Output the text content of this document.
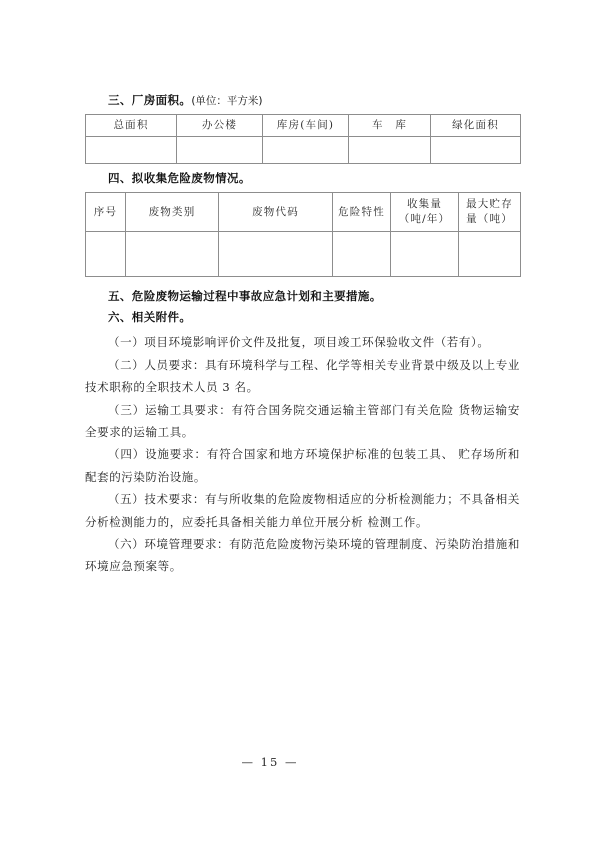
三、厂房面积。(单位：平方米)
总面积	办公楼	库房(车间)	车　库	绿化面积

四、拟收集危险废物情况。
序号	废物类别	废物代码	危险特性	收集量（吨/年）	最大贮存量（吨）

五、危险废物运输过程中事故应急计划和主要措施。
六、相关附件。

（一）项目环境影响评价文件及批复，项目竣工环保验收文件（若有）。

（二）人员要求：具有环境科学与工程、化学等相关专业背景中级及以上专业技术职称的全职技术人员 3 名。

（三）运输工具要求：有符合国务院交通运输主管部门有关危险 货物运输安全要求的运输工具。

（四）设施要求：有符合国家和地方环境保护标准的包装工具、 贮存场所和配套的污染防治设施。

（五）技术要求：有与所收集的危险废物相适应的分析检测能力；不具备相关分析检测能力的，应委托具备相关能力单位开展分析 检测工作。

（六）环境管理要求：有防范危险废物污染环境的管理制度、污染防治措施和环境应急预案等。

— 15 —
